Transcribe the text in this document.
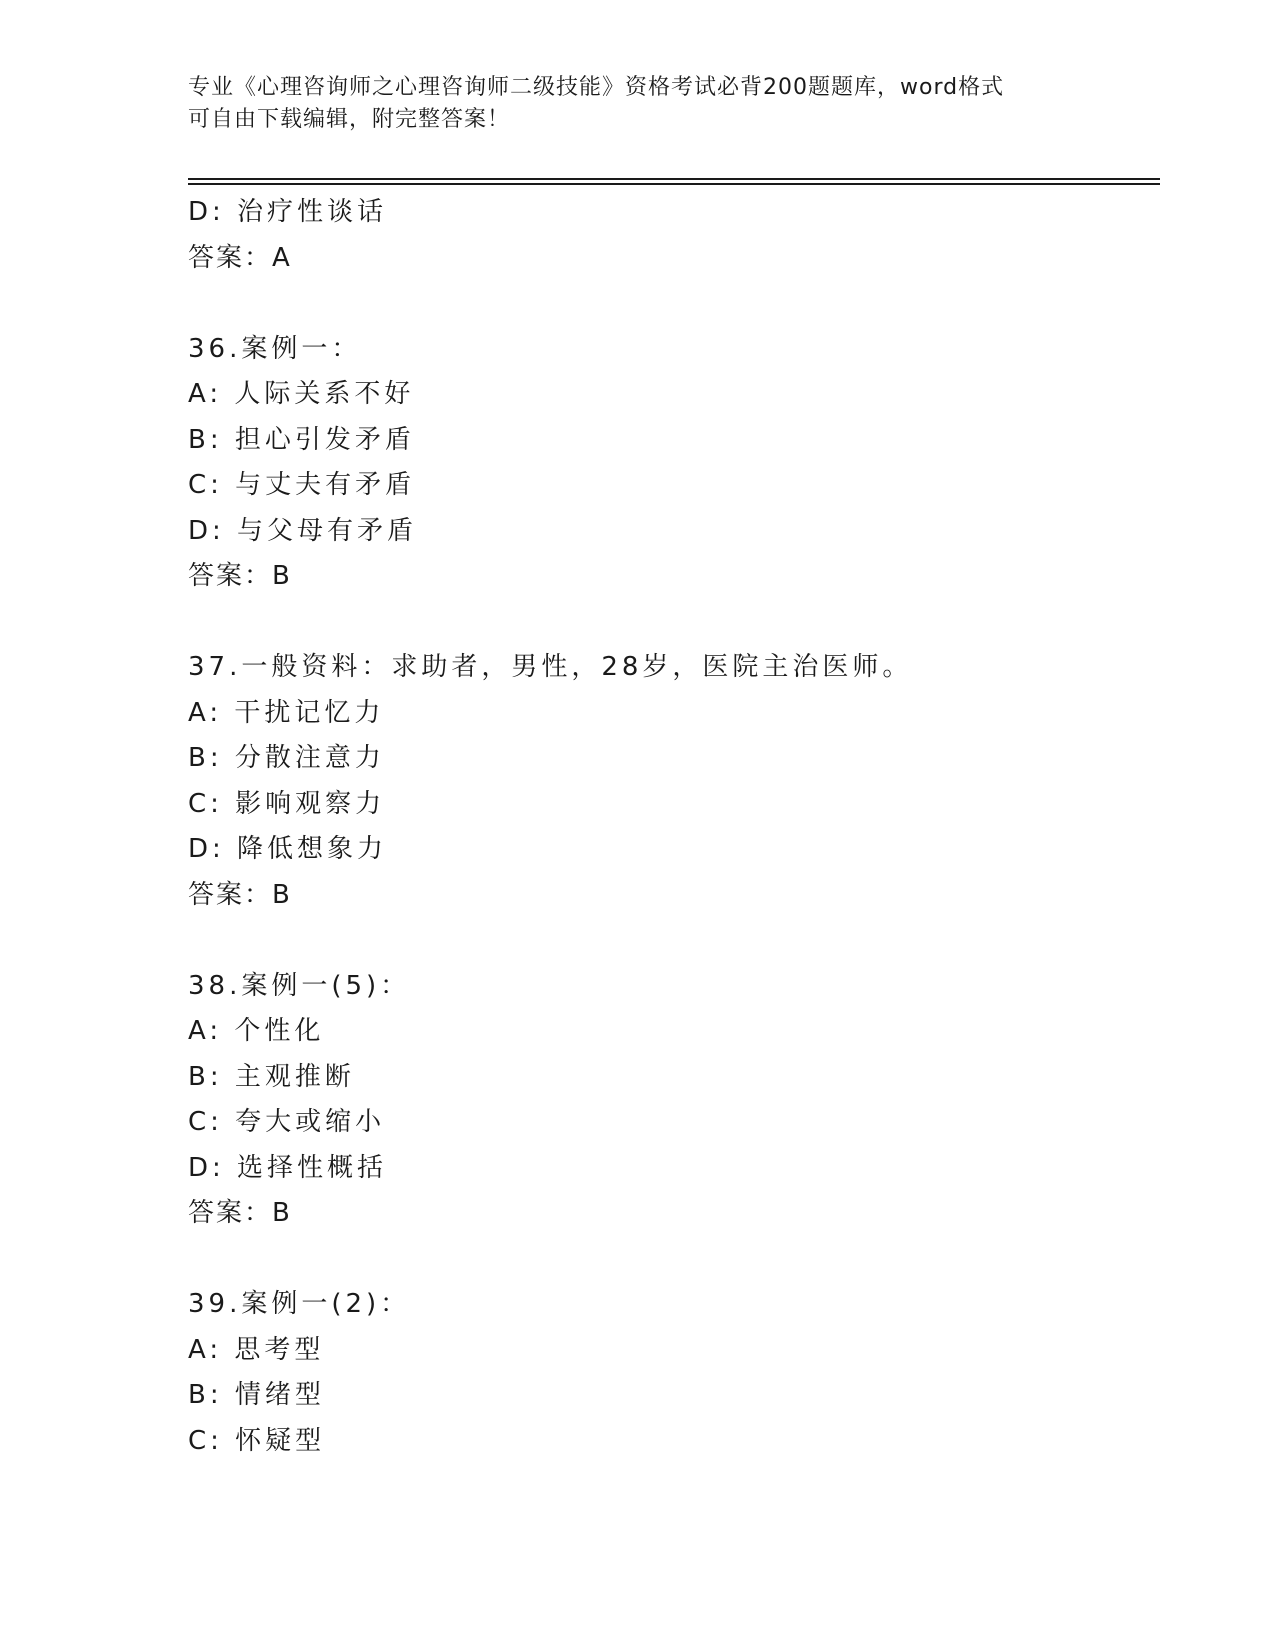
专业《心理咨询师之心理咨询师二级技能》资格考试必背200题题库，word格式
可自由下载编辑，附完整答案！
D: 治疗性谈话
答案：A
36.案例一：
A: 人际关系不好
B: 担心引发矛盾
C: 与丈夫有矛盾
D: 与父母有矛盾
答案：B
37.一般资料：求助者，男性，28岁，医院主治医师。
A: 干扰记忆力
B: 分散注意力
C: 影响观察力
D: 降低想象力
答案：B
38.案例一(5)：
A: 个性化
B: 主观推断
C: 夸大或缩小
D: 选择性概括
答案：B
39.案例一(2)：
A: 思考型
B: 情绪型
C: 怀疑型
